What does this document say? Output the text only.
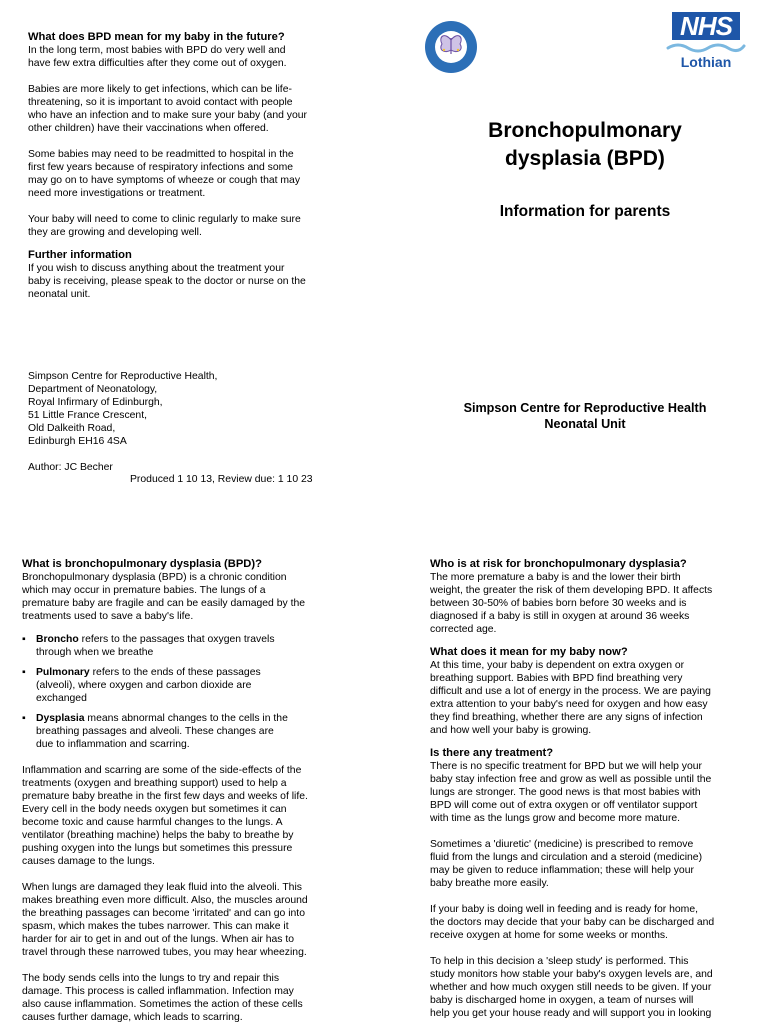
What does BPD mean for my baby in the future?

In the long term, most babies with BPD do very well and
have few extra difficulties after they come out of oxygen.

Babies are more likely to get infections, which can be life-
threatening, so it is important to avoid contact with people
who have an infection and to make sure your baby (and your
other children) have their vaccinations when offered.

Some babies may need to be readmitted to hospital in the
first few years because of respiratory infections and some
may go on to have symptoms of wheeze or cough that may
need more investigations or treatment.

Your baby will need to come to clinic regularly to make sure
they are growing and developing well.

Further information

If you wish to discuss anything about the treatment your
baby is receiving, please speak to the doctor or nurse on the
neonatal unit.

Simpson Centre for Reproductive Health,
Department of Neonatology,
Royal Infirmary of Edinburgh,
51 Little France Crescent,
Old Dalkeith Road,
Edinburgh EH16 4SA
Author: JC Becher
Produced 1 10 13, Review due: 1 10 23
NHS
Lothian
Bronchopulmonary
dysplasia (BPD)
Information for parents
Simpson Centre for Reproductive Health
Neonatal Unit
What is bronchopulmonary dysplasia (BPD)?

Bronchopulmonary dysplasia (BPD) is a chronic condition
which may occur in premature babies. The lungs of a
premature baby are fragile and can be easily damaged by the
treatments used to save a baby's life.

▪ Broncho refers to the passages that oxygen travels
through when we breathe
▪ Pulmonary refers to the ends of these passages
(alveoli), where oxygen and carbon dioxide are
exchanged
▪ Dysplasia means abnormal changes to the cells in the
breathing passages and alveoli. These changes are
due to inflammation and scarring.

Inflammation and scarring are some of the side-effects of the
treatments (oxygen and breathing support) used to help a
premature baby breathe in the first few days and weeks of life.
Every cell in the body needs oxygen but sometimes it can
become toxic and cause harmful changes to the lungs. A
ventilator (breathing machine) helps the baby to breathe by
pushing oxygen into the lungs but sometimes this pressure
causes damage to the lungs.

When lungs are damaged they leak fluid into the alveoli. This
makes breathing even more difficult. Also, the muscles around
the breathing passages can become 'irritated' and can go into
spasm, which makes the tubes narrower. This can make it
harder for air to get in and out of the lungs. When air has to
travel through these narrowed tubes, you may hear wheezing.

The body sends cells into the lungs to try and repair this
damage. This process is called inflammation. Infection may
also cause inflammation. Sometimes the action of these cells
causes further damage, which leads to scarring.

Who is at risk for bronchopulmonary dysplasia?

The more premature a baby is and the lower their birth
weight, the greater the risk of them developing BPD. It affects
between 30-50% of babies born before 30 weeks and is
diagnosed if a baby is still in oxygen at around 36 weeks
corrected age.

What does it mean for my baby now?

At this time, your baby is dependent on extra oxygen or
breathing support. Babies with BPD find breathing very
difficult and use a lot of energy in the process. We are paying
extra attention to your baby's need for oxygen and how easy
they find breathing, whether there are any signs of infection
and how well your baby is growing.

Is there any treatment?

There is no specific treatment for BPD but we will help your
baby stay infection free and grow as well as possible until the
lungs are stronger. The good news is that most babies with
BPD will come out of extra oxygen or off ventilator support
with time as the lungs grow and become more mature.

Sometimes a 'diuretic' (medicine) is prescribed to remove
fluid from the lungs and circulation and a steroid (medicine)
may be given to reduce inflammation; these will help your
baby breathe more easily.

If your baby is doing well in feeding and is ready for home,
the doctors may decide that your baby can be discharged and
receive oxygen at home for some weeks or months.

To help in this decision a 'sleep study' is performed. This
study monitors how stable your baby's oxygen levels are, and
whether and how much oxygen still needs to be given. If your
baby is discharged home in oxygen, a team of nurses will
help you get your house ready and will support you in looking
